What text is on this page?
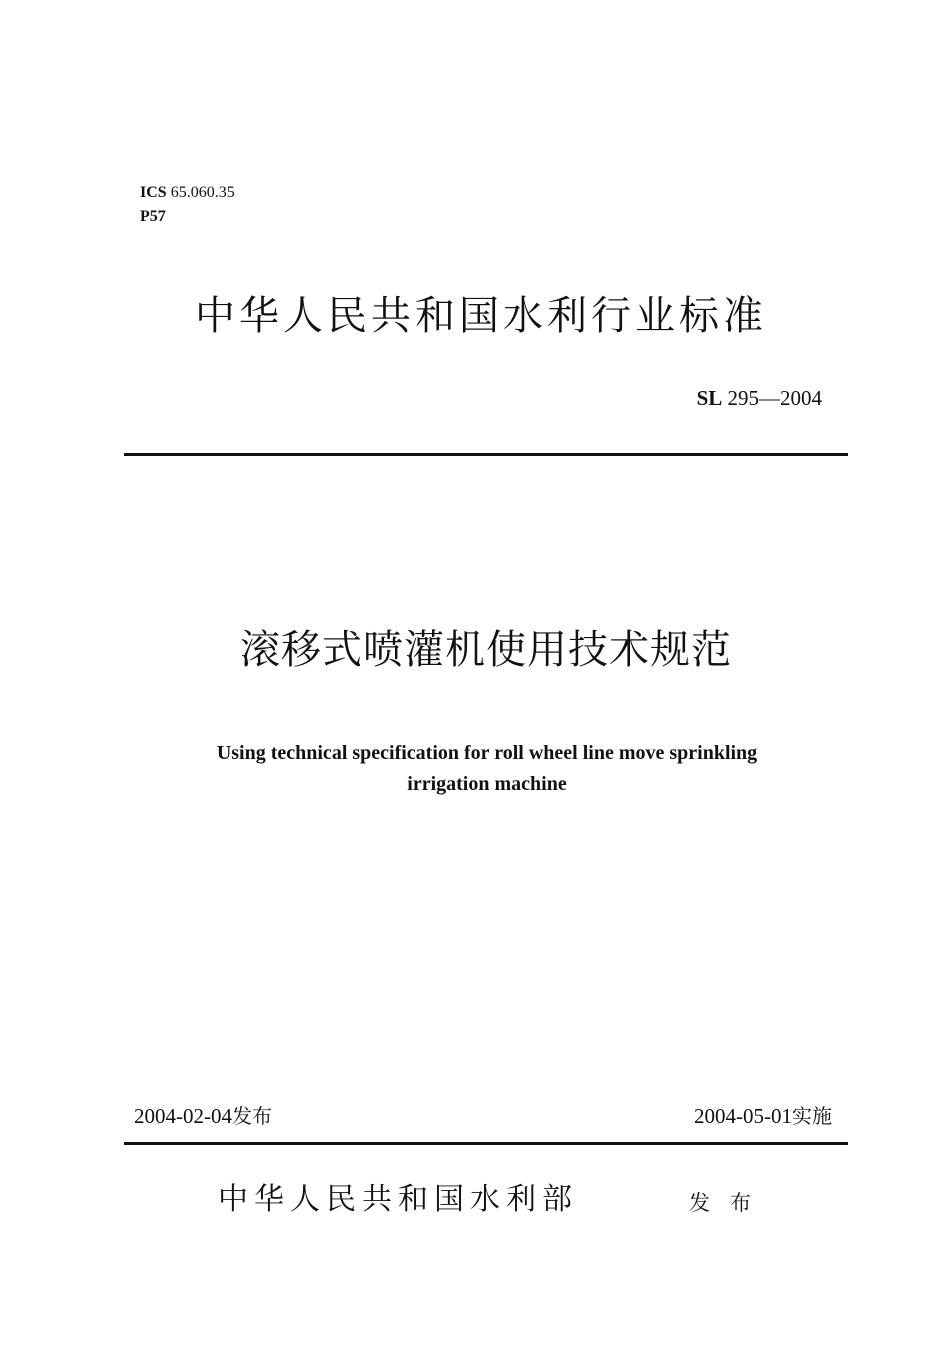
ICS 65.060.35
P57
中华人民共和国水利行业标准
SL 295—2004
滚移式喷灌机使用技术规范
Using technical specification for roll wheel line move sprinkling
irrigation machine
2004-02-04发布	2004-05-01实施
中华人民共和国水利部	发布
